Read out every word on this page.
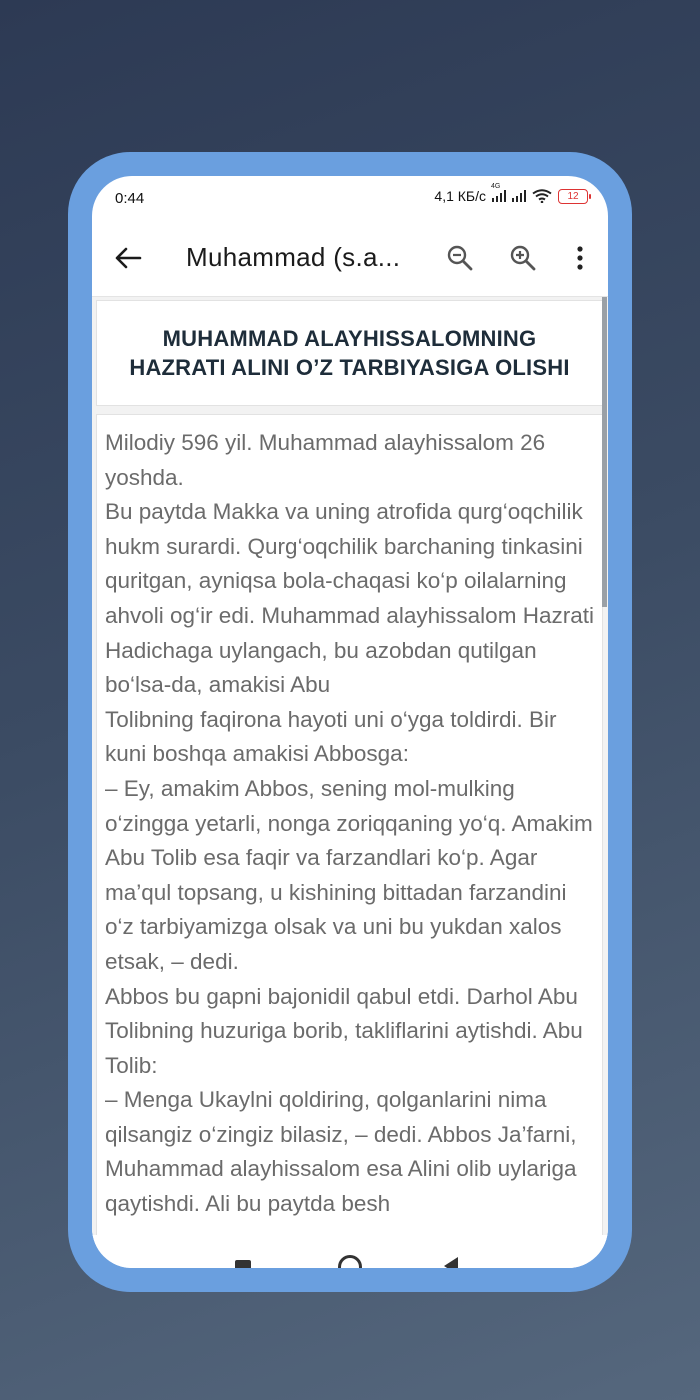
0:44	4,1 КБ/с
4G	12
Muhammad (s.a...
MUHAMMAD ALAYHISSALOMNING
HAZRATI ALINI O’Z TARBIYASIGA OLISHI

Milodiy 596 yil. Muhammad alayhissalom 26 yoshda.

Bu paytda Makka va uning atrofida qurg‘oqchilik hukm surardi. Qurg‘oqchilik barchaning tinkasini quritgan, ayniqsa bola-chaqasi ko‘p oilalarning ahvoli og‘ir edi. Muhammad alayhissalom Hazrati Hadichaga uylangach, bu azobdan qutilgan bo‘lsa-da, amakisi Abu

Tolibning faqirona hayoti uni o‘yga toldirdi. Bir kuni boshqa amakisi Abbosga:

– Ey, amakim Abbos, sening mol-mulking o‘zingga yetarli, nonga zoriqqaning yo‘q. Amakim Abu Tolib esa faqir va farzandlari ko‘p. Agar ma’qul topsang, u kishining bittadan farzandini o‘z tarbiyamizga olsak va uni bu yukdan xalos etsak, – dedi.

Abbos bu gapni bajonidil qabul etdi. Darhol Abu Tolibning huzuriga borib, takliflarini aytishdi. Abu Tolib:

– Menga Ukaylni qoldiring, qolganlarini nima qilsangiz o‘zingiz bilasiz, – dedi. Abbos Ja’farni, Muhammad alayhissalom esa Alini olib uylariga qaytishdi. Ali bu paytda besh
